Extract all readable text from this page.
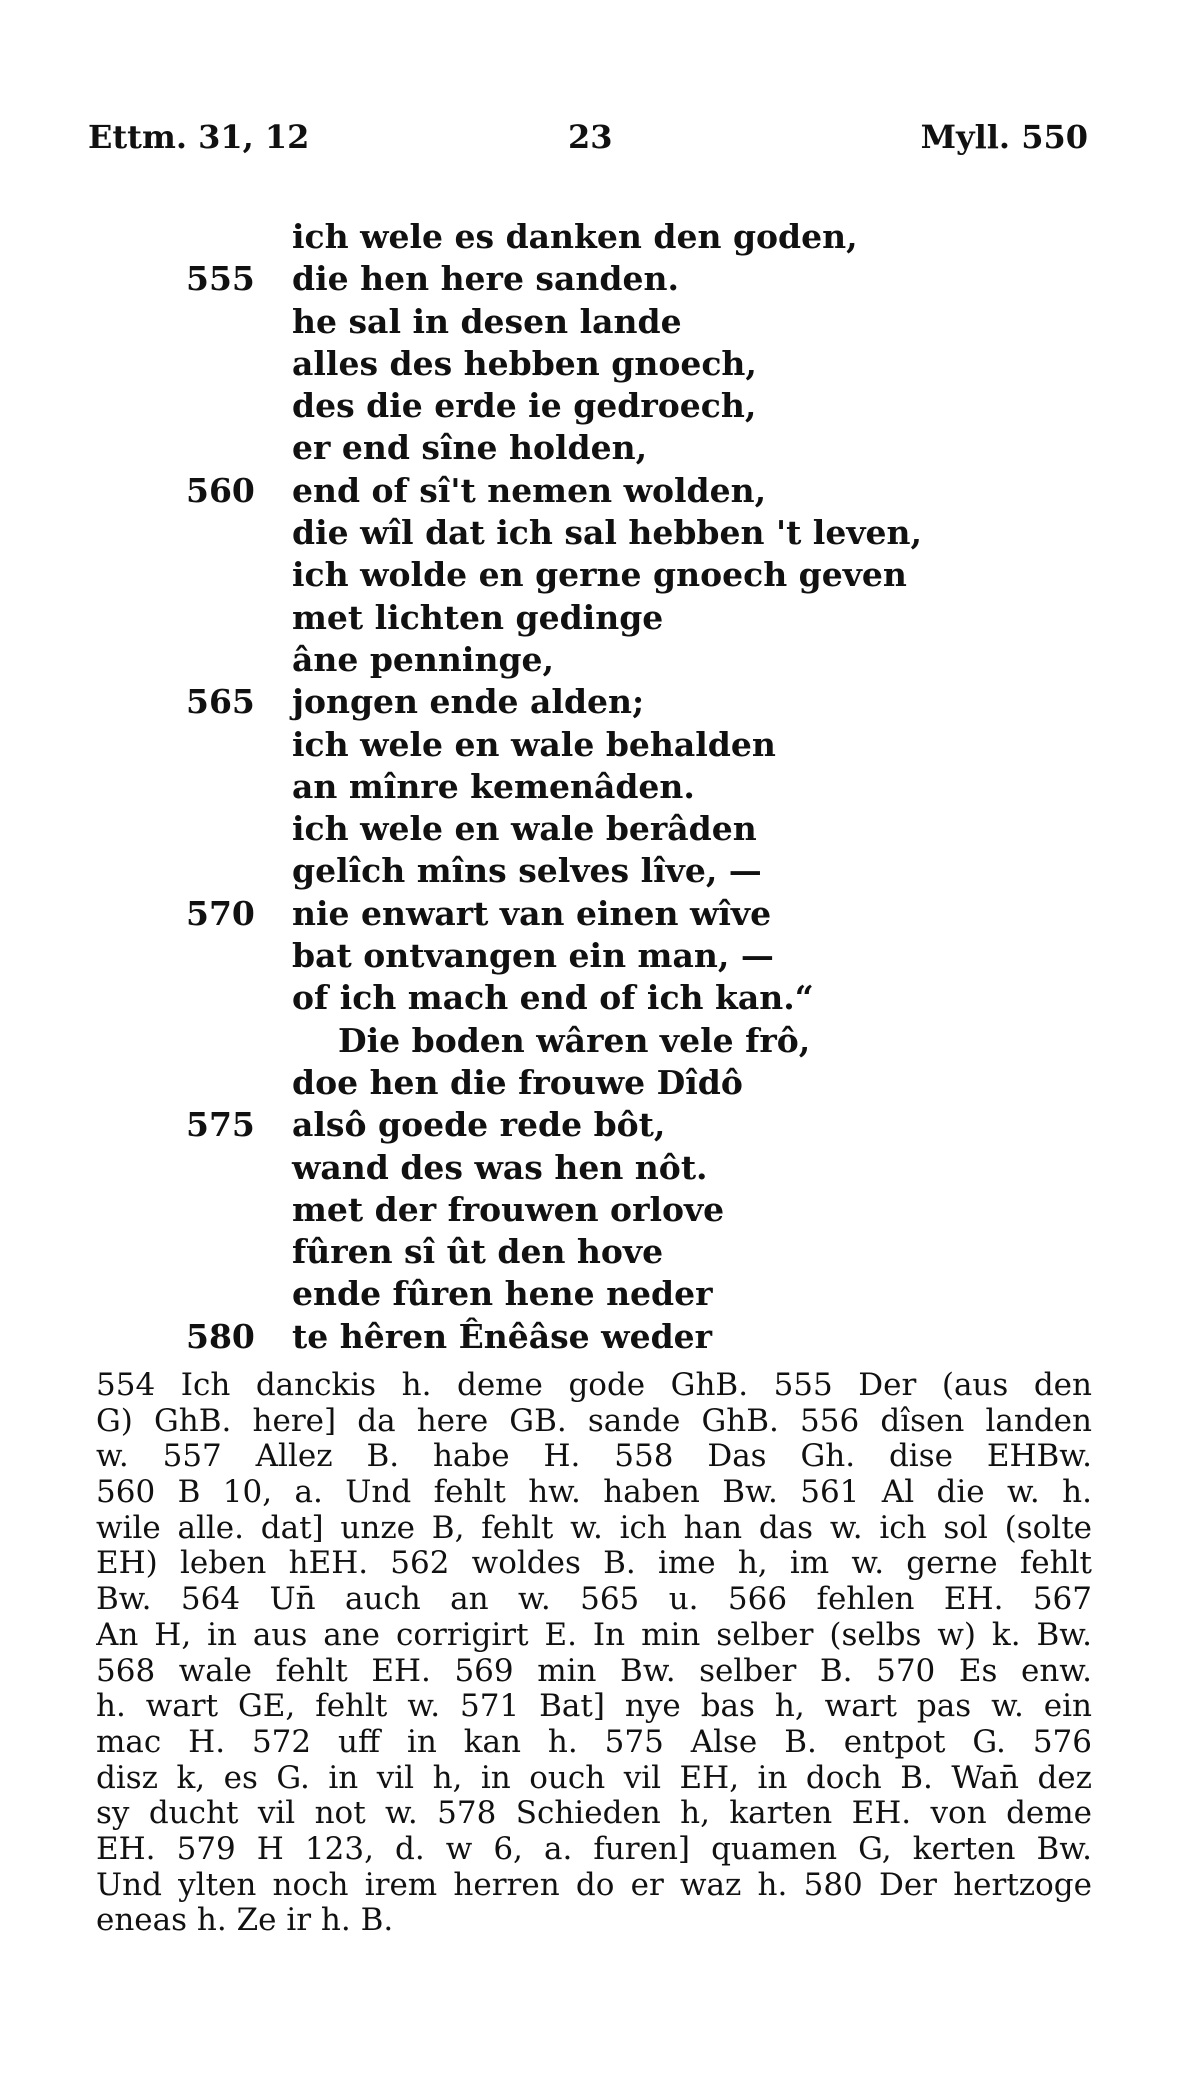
Ettm. 31, 12	23	Myll. 550
ich wele es danken den goden,
555 die hen here sanden.
he sal in desen lande
alles des hebben gnoech,
des die erde ie gedroech,
er end sîne holden,
560 end of sî't nemen wolden,
die wîl dat ich sal hebben 't leven,
ich wolde en gerne gnoech geven
met lichten gedinge
âne penninge,
565 jongen ende alden;
ich wele en wale behalden
an mînre kemenâden.
ich wele en wale berâden
gelîch mîns selves lîve, —
570 nie enwart van einen wîve
bat ontvangen ein man, —
of ich mach end of ich kan.“
Die boden wâren vele frô,
doe hen die frouwe Dîdô
575 alsô goede rede bôt,
wand des was hen nôt.
met der frouwen orlove
fûren sî ût den hove
ende fûren hene neder
580 te hêren Ênêâse weder
554 Ich danckis h. deme gode GhB. 555 Der (aus den
G) GhB. here] da here GB. sande GhB. 556 dîsen landen
w. 557 Allez B. habe H. 558 Das Gh. dise EHBw.
560 B 10, a. Und fehlt hw. haben Bw. 561 Al die w. h.
wile alle. dat] unze B, fehlt w. ich han das w. ich sol (solte
EH) leben hEH. 562 woldes B. ime h, im w. gerne fehlt
Bw. 564 Un̄ auch an w. 565 u. 566 fehlen EH. 567
An H, in aus ane corrigirt E. In min selber (selbs w) k. Bw.
568 wale fehlt EH. 569 min Bw. selber B. 570 Es enw.
h. wart GE, fehlt w. 571 Bat] nye bas h, wart pas w. ein
mac H. 572 uff in kan h. 575 Alse B. entpot G. 576
disz k, es G. in vil h, in ouch vil EH, in doch B. Wan̄ dez
sy ducht vil not w. 578 Schieden h, karten EH. von deme
EH. 579 H 123, d. w 6, a. furen] quamen G, kerten Bw.
Und ylten noch irem herren do er waz h. 580 Der hertzoge
eneas h. Ze ir h. B.
